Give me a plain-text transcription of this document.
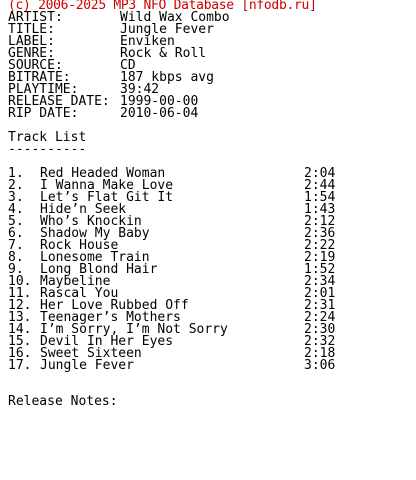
(c) 2006-2025 MP3 NFO Database [nfodb.ru]
ARTIST:	Wild Wax Combo
TITLE:	Jungle Fever
LABEL:	Enviken
GENRE:	Rock & Roll
SOURCE:	CD
BITRATE:	187 kbps avg
PLAYTIME:	39:42
RELEASE DATE: 1999-00-00
RIP DATE:	2010-06-04
Track List
----------
1.	Red Headed Woman	2:04
2.	I Wanna Make Love	2:44
3.	Let’s Flat Git It	1:54
4.	Hide’n Seek	1:43
5.	Who’s Knockin	2:12
6.	Shadow My Baby	2:36
7.	Rock House	2:22
8.	Lonesome Train	2:19
9.	Long Blond Hair	1:52
10. Maybeline	2:34
11. Rascal You	2:01
12. Her Love Rubbed Off	2:31
13. Teenager’s Mothers	2:24
14. I’m Sorry, I’m Not Sorry	2:30
15. Devil In Her Eyes	2:32
16. Sweet Sixteen	2:18
17. Jungle Fever	3:06
Release Notes:
